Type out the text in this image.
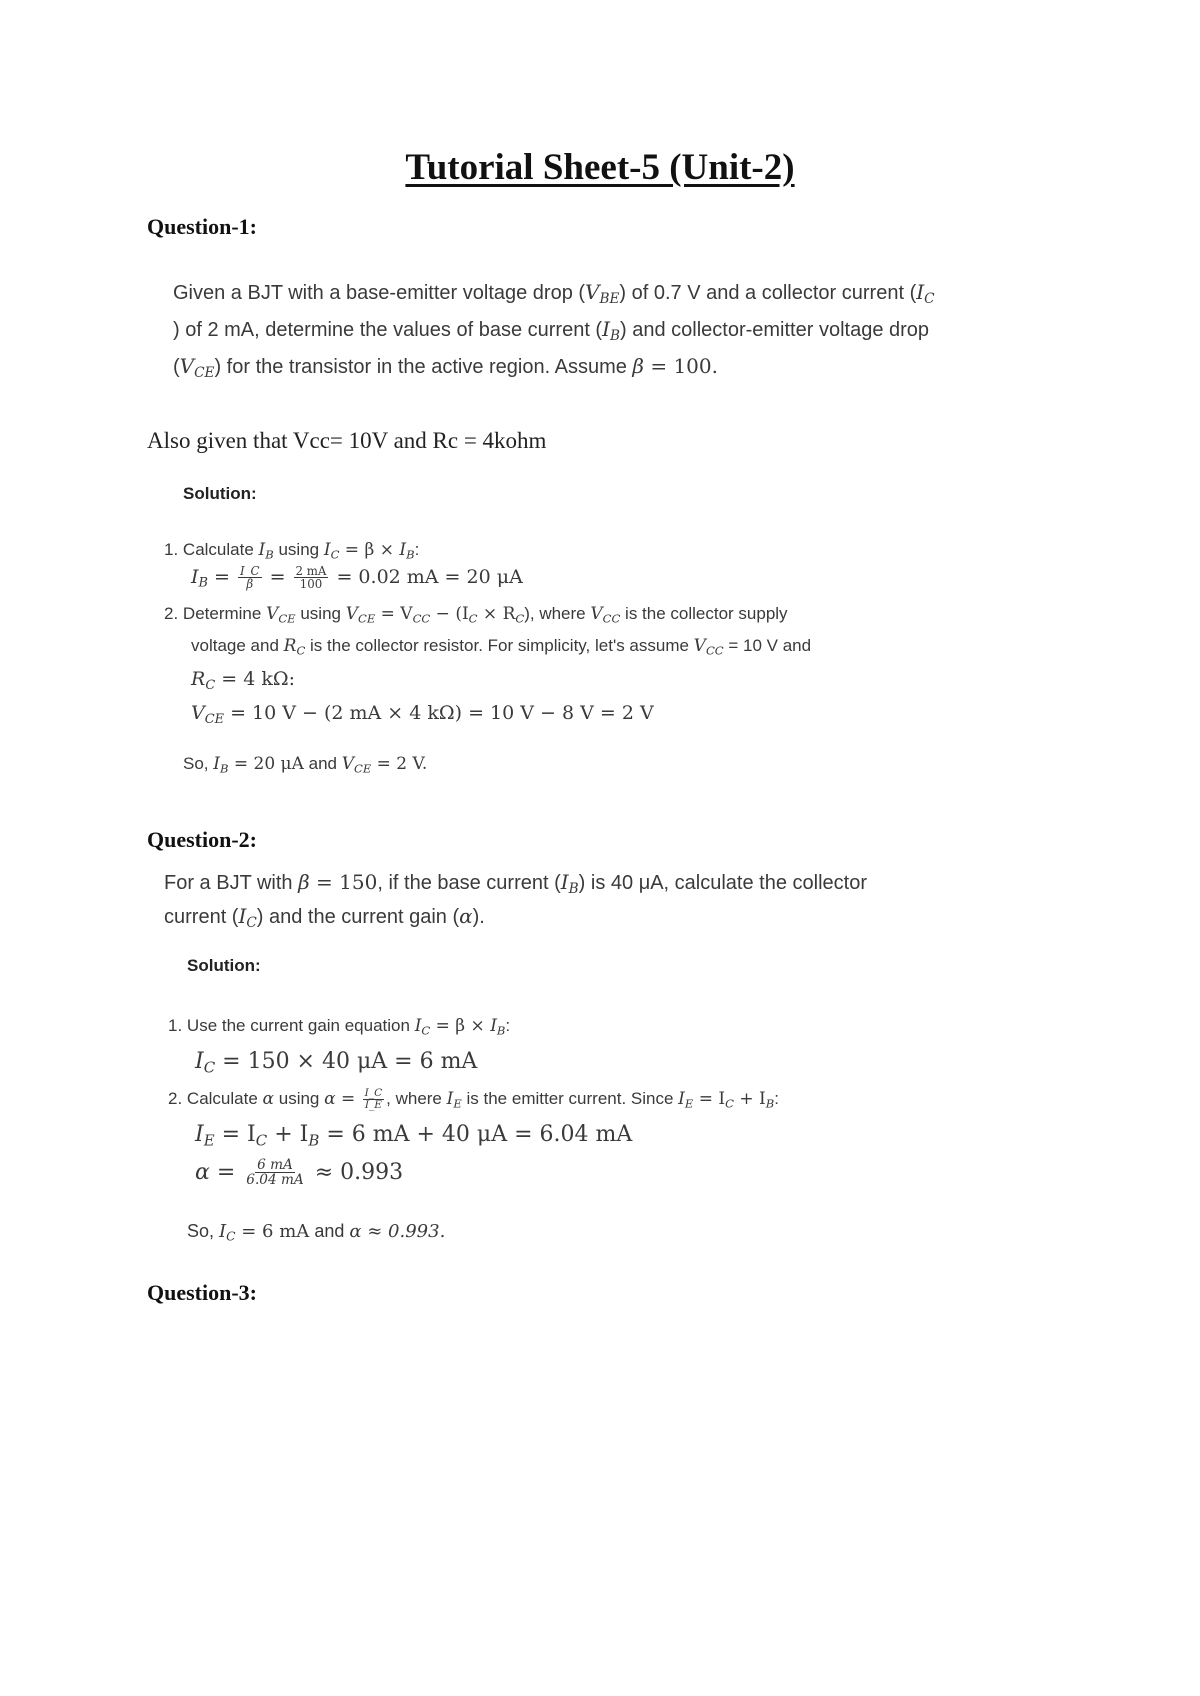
Tutorial Sheet-5 (Unit-2)
Question-1:
Given a BJT with a base-emitter voltage drop $(V_{BE})$ of 0.7 V and a collector current ($I_C$
) of 2 mA, determine the values of base current $(I_B)$ and collector-emitter voltage drop
$(V_{CE})$ for the transistor in the active region. Assume β = 100.
Also given that Vcc= 10V and Rc = 4kohm
Solution:
1. Calculate $I_B$ using $I_C = \beta \times I_B$:
$I_B = \frac{I\_C}{\beta} = \frac{2 mA}{100} = 0.02$ mA = 20 μA
2. Determine $V_{CE}$ using $V_{CE} = V_{CC} - (I_C \times R_C)$, where $V_{CC}$ is the collector supply
voltage and $R_C$ is the collector resistor. For simplicity, let's assume $V_{CC} = 10$ V and
$R_C = 4$ kΩ:
$V_{CE} = 10$ V − (2 mA × 4 kΩ) = 10 V − 8 V = 2 V
So, $I_B = 20$ μA and $V_{CE} = 2$ V.
Question-2:
For a BJT with β = 150, if the base current $(I_B)$ is 40 μA, calculate the collector
current $(I_C)$ and the current gain (α).
Solution:
1. Use the current gain equation $I_C = \beta \times I_B$:
$I_C = 150 \times 40$ μA = 6 mA
2. Calculate α using $\alpha = \frac{I\_C}{I\_E}$ , where $I_E$ is the emitter current. Since $I_E = I_C + I_B$:
$I_E = I_C + I_B = 6$ mA + 40 μA = 6.04 mA
$\alpha = \frac{6 mA}{6.04 mA} \approx 0.993$
So, $I_C = 6$ mA and α ≈ 0.993.
Question-3:
